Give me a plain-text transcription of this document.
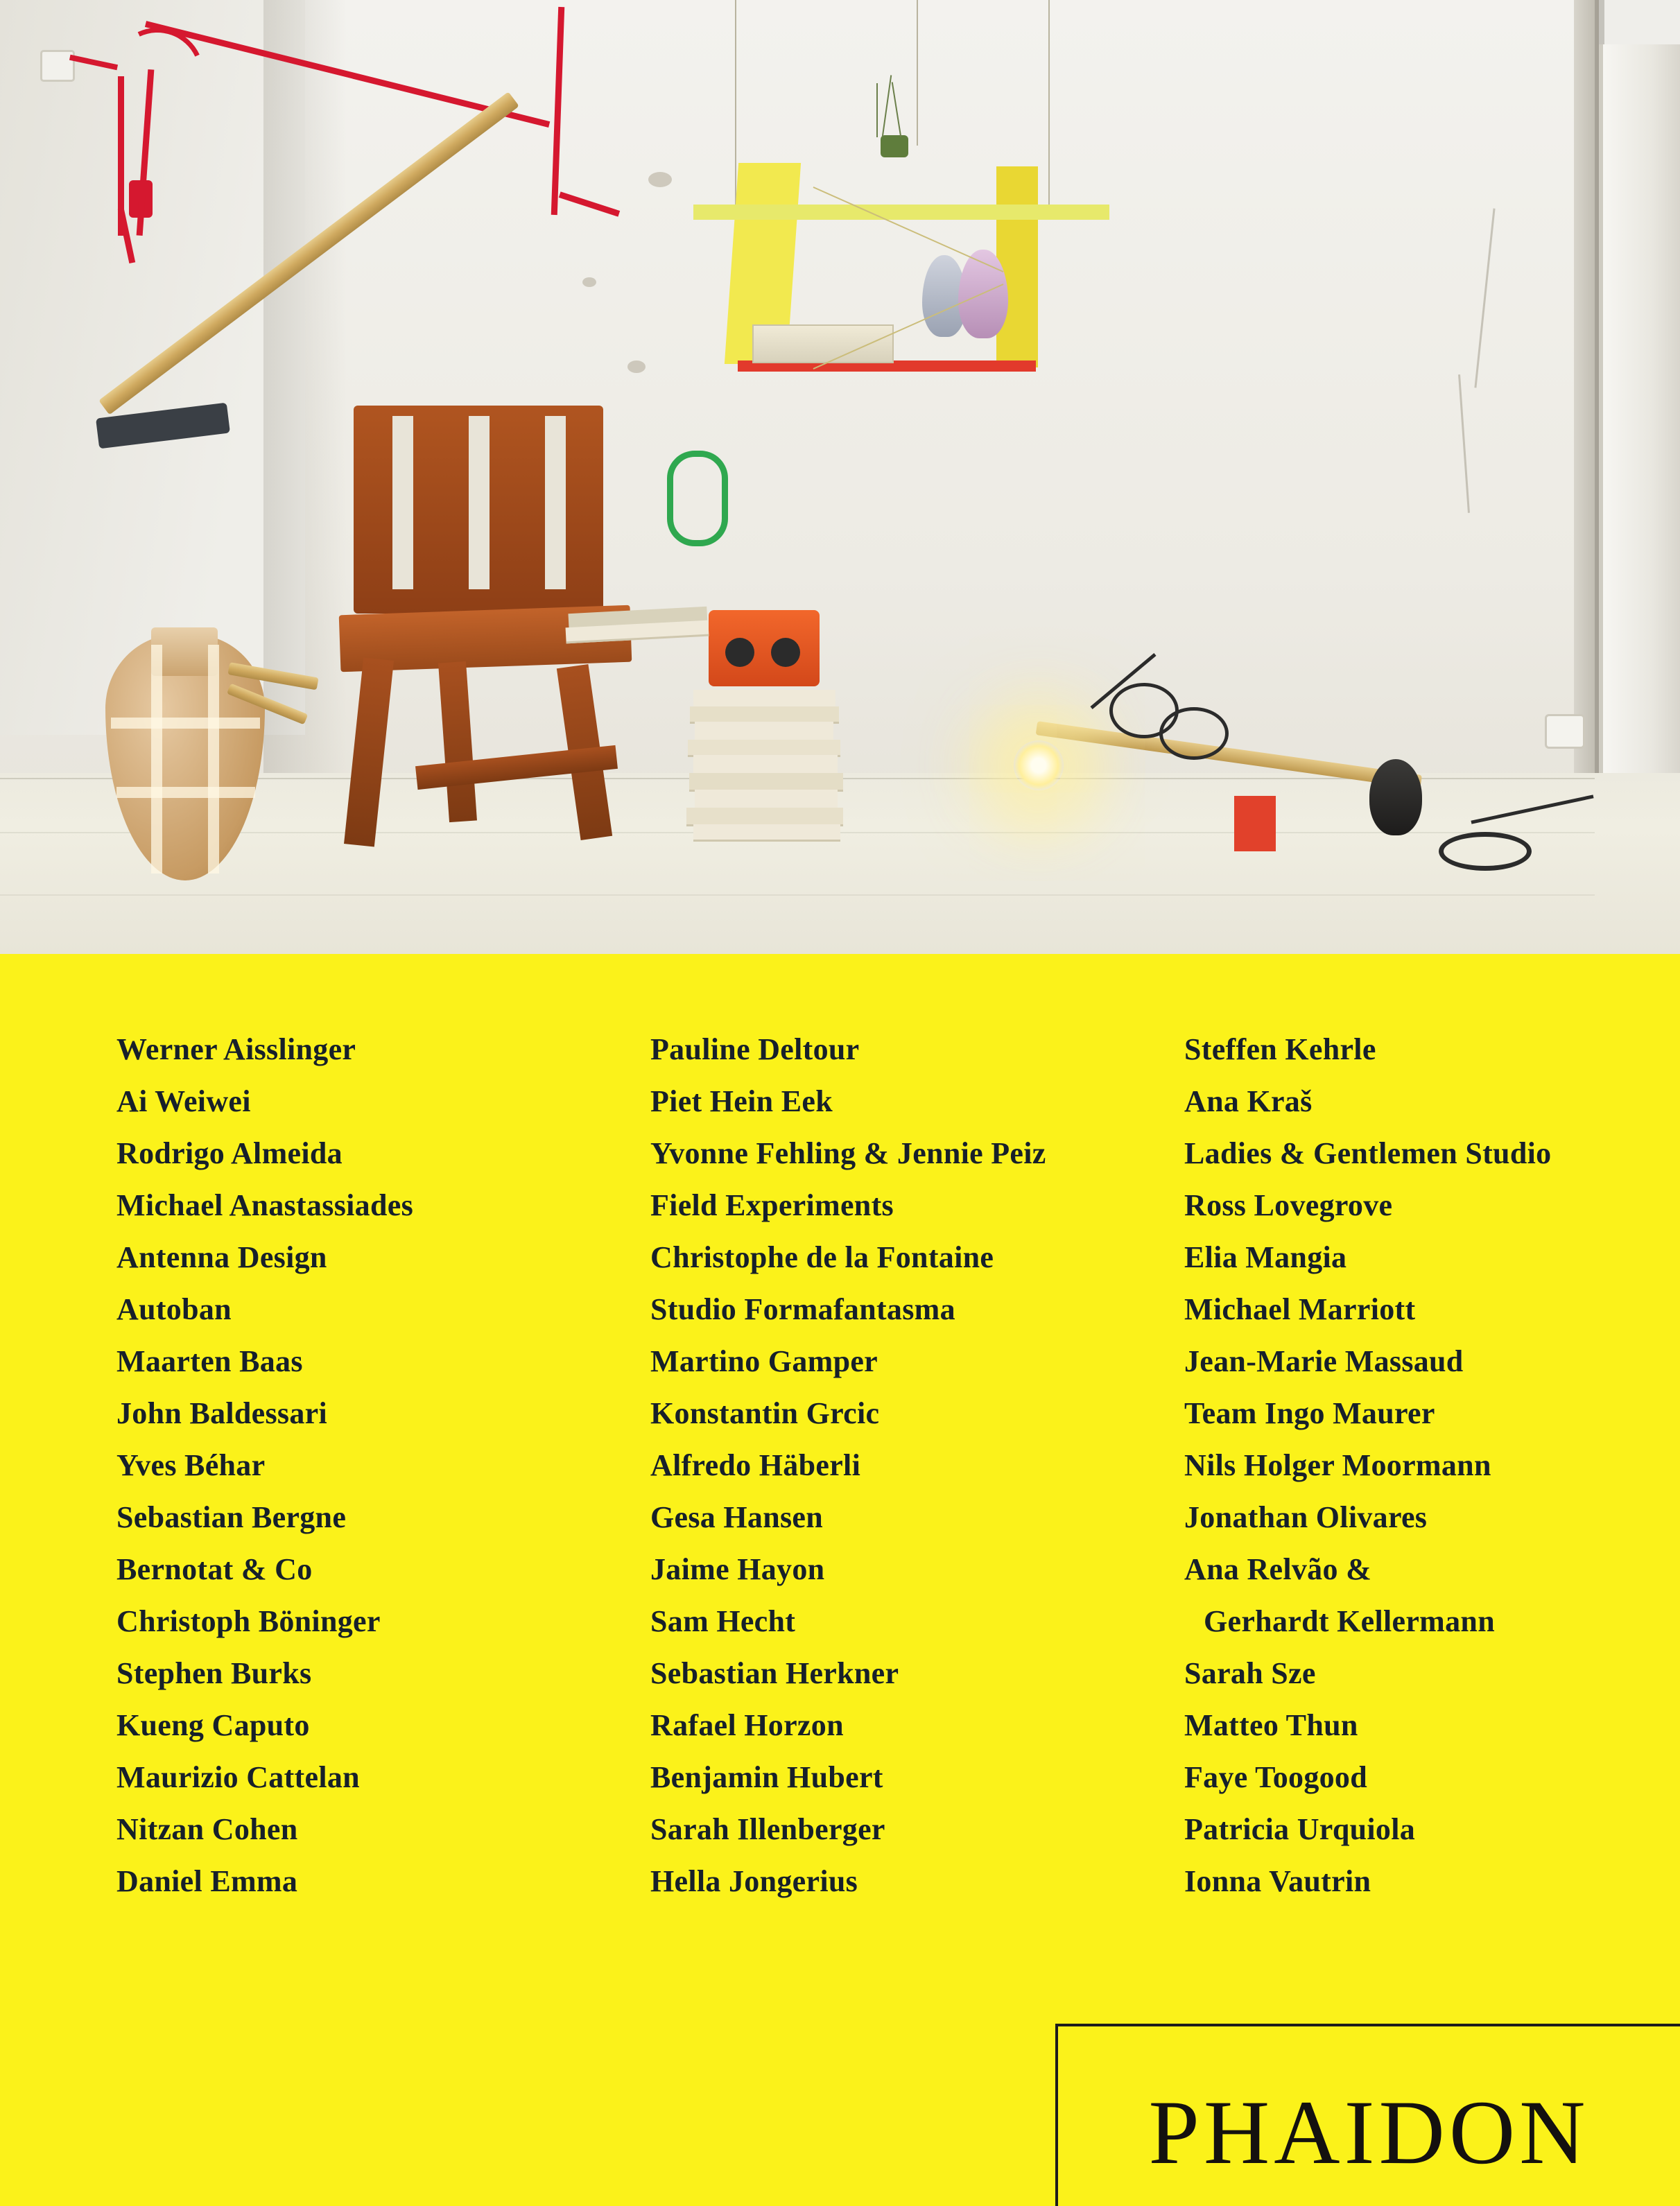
Werner Aisslinger
Ai Weiwei
Rodrigo Almeida
Michael Anastassiades
Antenna Design
Autoban
Maarten Baas
John Baldessari
Yves Béhar
Sebastian Bergne
Bernotat & Co
Christoph Böninger
Stephen Burks
Kueng Caputo
Maurizio Cattelan
Nitzan Cohen
Daniel Emma
Pauline Deltour
Piet Hein Eek
Yvonne Fehling & Jennie Peiz
Field Experiments
Christophe de la Fontaine
Studio Formafantasma
Martino Gamper
Konstantin Grcic
Alfredo Häberli
Gesa Hansen
Jaime Hayon
Sam Hecht
Sebastian Herkner
Rafael Horzon
Benjamin Hubert
Sarah Illenberger
Hella Jongerius
Steffen Kehrle
Ana Kraš
Ladies & Gentlemen Studio
Ross Lovegrove
Elia Mangia
Michael Marriott
Jean-Marie Massaud
Team Ingo Maurer
Nils Holger Moormann
Jonathan Olivares
Ana Relvão &
Gerhardt Kellermann
Sarah Sze
Matteo Thun
Faye Toogood
Patricia Urquiola
Ionna Vautrin
PHAIDON
